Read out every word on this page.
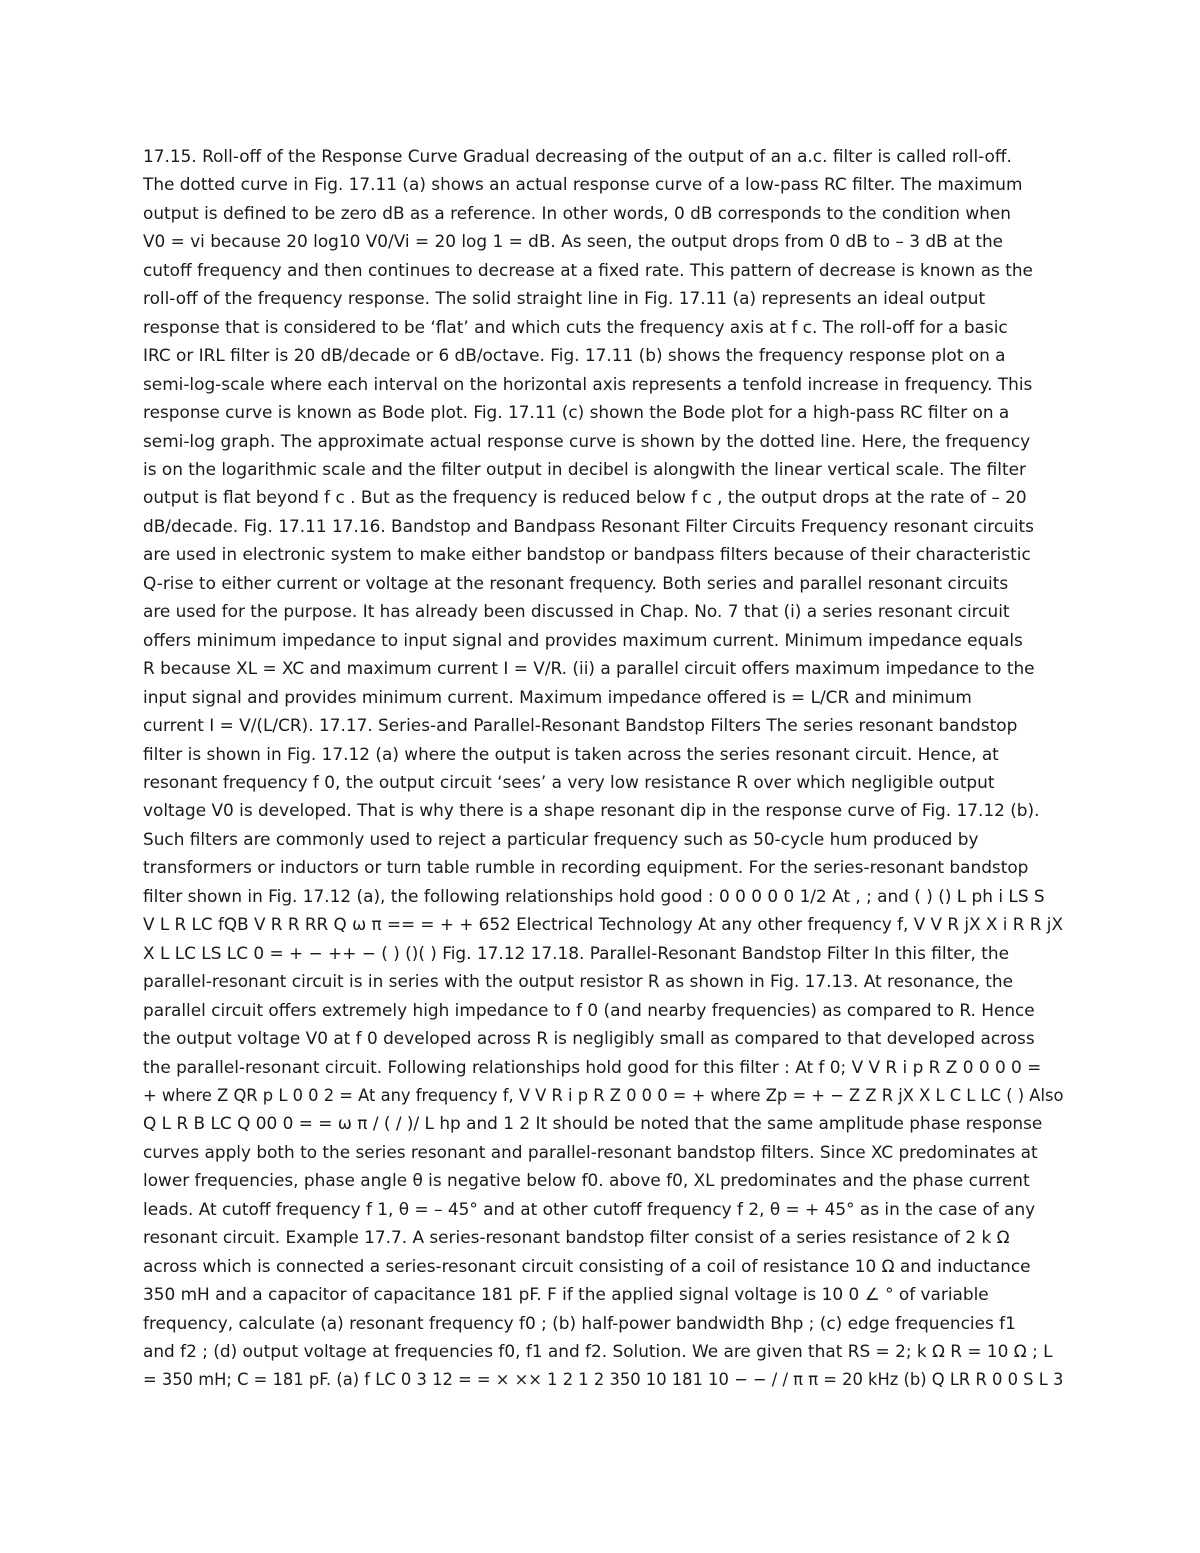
17.15. Roll-off of the Response Curve Gradual decreasing of the output of an a.c. filter is called roll-off.
The dotted curve in Fig. 17.11 (a) shows an actual response curve of a low-pass RC filter. The maximum
output is defined to be zero dB as a reference. In other words, 0 dB corresponds to the condition when
V0 = vi because 20 log10 V0/Vi = 20 log 1 = dB. As seen, the output drops from 0 dB to – 3 dB at the
cutoff frequency and then continues to decrease at a fixed rate. This pattern of decrease is known as the
roll-off of the frequency response. The solid straight line in Fig. 17.11 (a) represents an ideal output
response that is considered to be ‘flat’ and which cuts the frequency axis at f c. The roll-off for a basic
IRC or IRL filter is 20 dB/decade or 6 dB/octave. Fig. 17.11 (b) shows the frequency response plot on a
semi-log-scale where each interval on the horizontal axis represents a tenfold increase in frequency. This
response curve is known as Bode plot. Fig. 17.11 (c) shown the Bode plot for a high-pass RC filter on a
semi-log graph. The approximate actual response curve is shown by the dotted line. Here, the frequency
is on the logarithmic scale and the filter output in decibel is alongwith the linear vertical scale. The filter
output is flat beyond f c . But as the frequency is reduced below f c , the output drops at the rate of – 20
dB/decade. Fig. 17.11 17.16. Bandstop and Bandpass Resonant Filter Circuits Frequency resonant circuits
are used in electronic system to make either bandstop or bandpass filters because of their characteristic
Q-rise to either current or voltage at the resonant frequency. Both series and parallel resonant circuits
are used for the purpose. It has already been discussed in Chap. No. 7 that (i) a series resonant circuit
offers minimum impedance to input signal and provides maximum current. Minimum impedance equals
R because XL = XC and maximum current I = V/R. (ii) a parallel circuit offers maximum impedance to the
input signal and provides minimum current. Maximum impedance offered is = L/CR and minimum
current I = V/(L/CR). 17.17. Series-and Parallel-Resonant Bandstop Filters The series resonant bandstop
filter is shown in Fig. 17.12 (a) where the output is taken across the series resonant circuit. Hence, at
resonant frequency f 0, the output circuit ‘sees’ a very low resistance R over which negligible output
voltage V0 is developed. That is why there is a shape resonant dip in the response curve of Fig. 17.12 (b).
Such filters are commonly used to reject a particular frequency such as 50-cycle hum produced by
transformers or inductors or turn table rumble in recording equipment. For the series-resonant bandstop
filter shown in Fig. 17.12 (a), the following relationships hold good : 0 0 0 0 0 1/2 At , ; and ( ) () L ph i LS S
V L R LC fQB V R R RR Q ω π == = + + 652 Electrical Technology At any other frequency f, V V R jX X i R R jX
X L LC LS LC 0 = + − ++ − ( ) ()( ) Fig. 17.12 17.18. Parallel-Resonant Bandstop Filter In this filter, the
parallel-resonant circuit is in series with the output resistor R as shown in Fig. 17.13. At resonance, the
parallel circuit offers extremely high impedance to f 0 (and nearby frequencies) as compared to R. Hence
the output voltage V0 at f 0 developed across R is negligibly small as compared to that developed across
the parallel-resonant circuit. Following relationships hold good for this filter : At f 0; V V R i p R Z 0 0 0 0 =
+ where Z QR p L 0 0 2 = At any frequency f, V V R i p R Z 0 0 0 = + where Zp = + − Z Z R jX X L C L LC ( ) Also
Q L R B LC Q 00 0 = = ω π / ( / )/ L hp and 1 2 It should be noted that the same amplitude phase response
curves apply both to the series resonant and parallel-resonant bandstop filters. Since XC predominates at
lower frequencies, phase angle θ is negative below f0. above f0, XL predominates and the phase current
leads. At cutoff frequency f 1, θ = – 45° and at other cutoff frequency f 2, θ = + 45° as in the case of any
resonant circuit. Example 17.7. A series-resonant bandstop filter consist of a series resistance of 2 k Ω
across which is connected a series-resonant circuit consisting of a coil of resistance 10 Ω and inductance
350 mH and a capacitor of capacitance 181 pF. F if the applied signal voltage is 10 0 ∠ ° of variable
frequency, calculate (a) resonant frequency f0 ; (b) half-power bandwidth Bhp ; (c) edge frequencies f1
and f2 ; (d) output voltage at frequencies f0, f1 and f2. Solution. We are given that RS = 2; k Ω R = 10 Ω ; L
= 350 mH; C = 181 pF. (a) f LC 0 3 12 = = × ×× 1 2 1 2 350 10 181 10 − − / / π π = 20 kHz (b) Q LR R 0 0 S L 3
